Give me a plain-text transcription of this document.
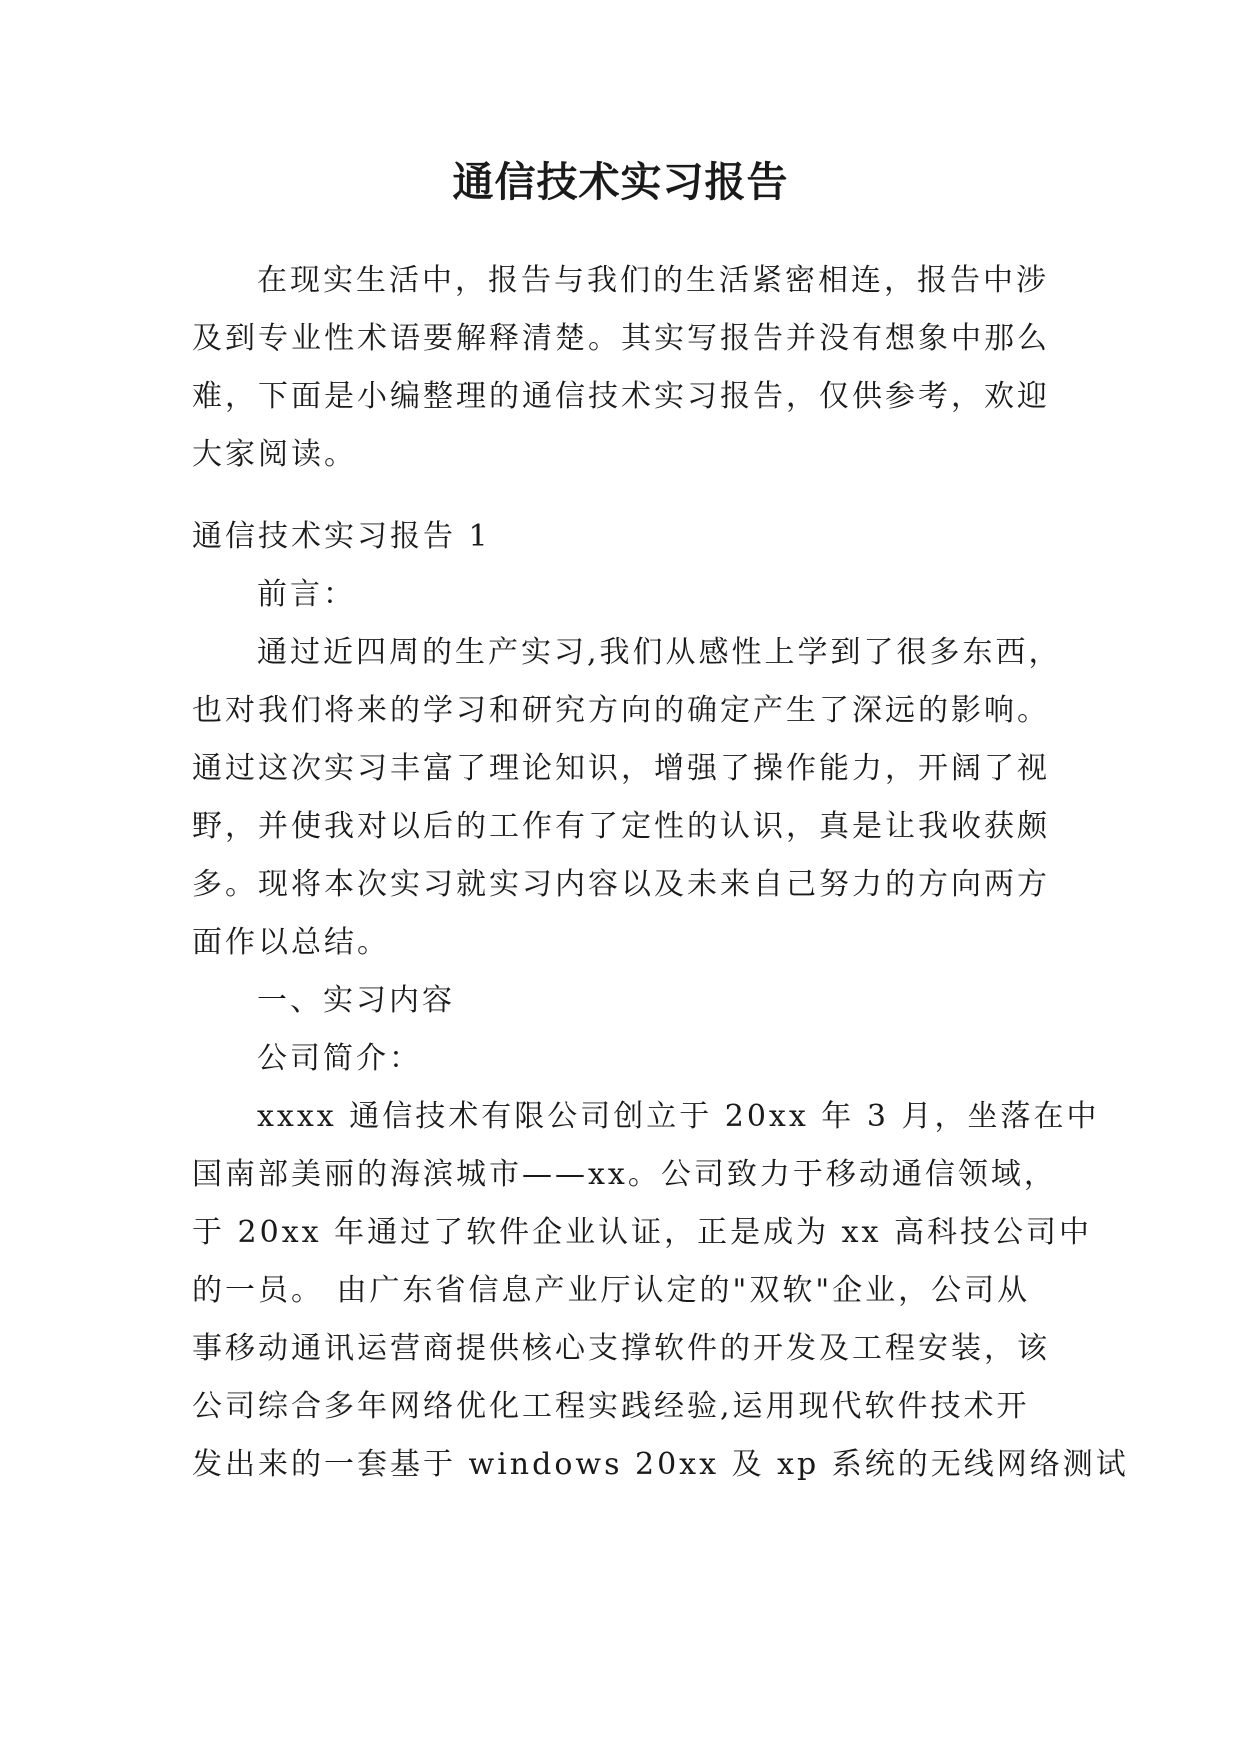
通信技术实习报告
在现实生活中，报告与我们的生活紧密相连，报告中涉
及到专业性术语要解释清楚。其实写报告并没有想象中那么
难，下面是小编整理的通信技术实习报告，仅供参考，欢迎
大家阅读。
通信技术实习报告 1
前言：
通过近四周的生产实习,我们从感性上学到了很多东西，
也对我们将来的学习和研究方向的确定产生了深远的影响。
通过这次实习丰富了理论知识，增强了操作能力，开阔了视
野，并使我对以后的工作有了定性的认识，真是让我收获颇
多。现将本次实习就实习内容以及未来自己努力的方向两方
面作以总结。
一、实习内容
公司简介：
xxxx 通信技术有限公司创立于 20xx 年 3 月，坐落在中
国南部美丽的海滨城市——xx。公司致力于移动通信领域，
于 20xx 年通过了软件企业认证，正是成为 xx 高科技公司中
的一员。 由广东省信息产业厅认定的"双软"企业，公司从
事移动通讯运营商提供核心支撑软件的开发及工程安装，该
公司综合多年网络优化工程实践经验,运用现代软件技术开
发出来的一套基于 windows 20xx 及 xp 系统的无线网络测试
